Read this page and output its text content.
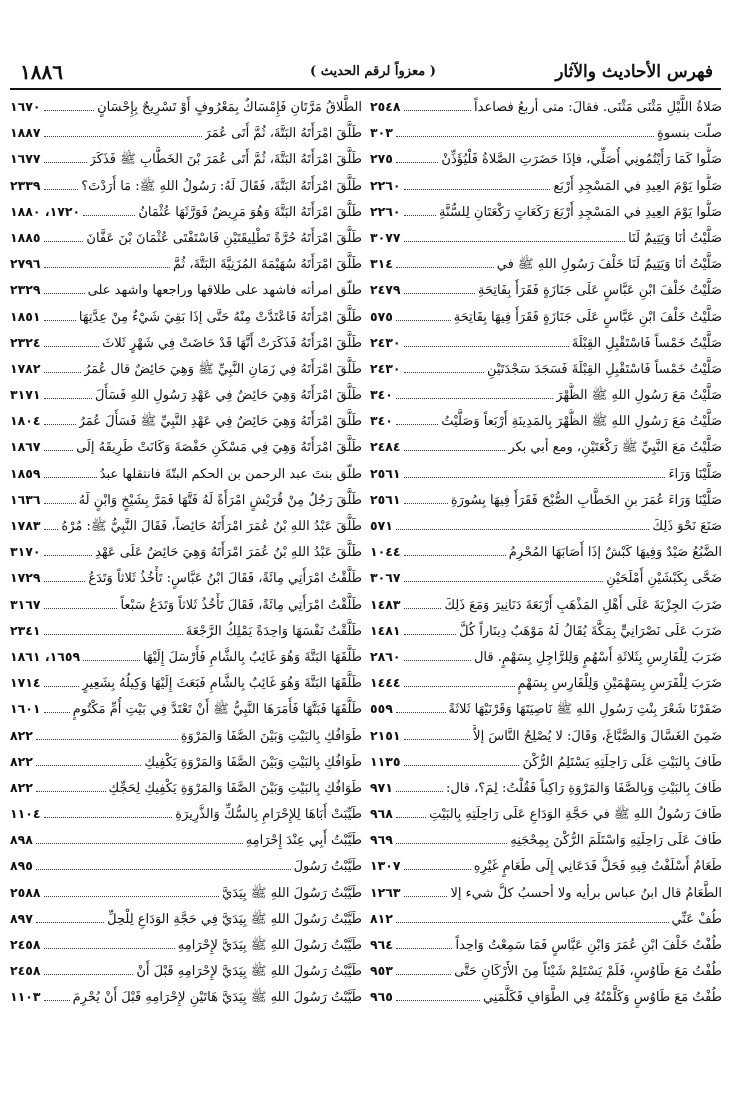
١٨٨٦	( معزواً لرقم الحديث )	فهرس الأحاديث والآثار
صَلاةُ اللَّيْلِ مَثْنَى مَثْنَى. فقالَ: متى أربعُ فصاعداً
٢٥٤٨
صلّت بنسوةٍ
٣٠٣
صَلُّوا كَمَا رَأَيْتُمُونِي أُصَلِّي، فإذَا حَضَرَتِ الصَّلاةُ فَلْيُؤَذِّنْ
٢٧٥
صَلُّوا يَوْمَ العِيدِ في المَسْجِدِ أَرْبَع
٢٢٦٠
صَلُّوا يَوْمَ العِيدِ في المَسْجِدِ أَرْبَعَ رَكَعَاتٍ رَكْعَتَانِ لِلسُّنَّةِ
٢٢٦٠
صَلَّيْتُ أنَا وَيَتِيمٌ لَنَا
٣٠٧٧
صَلَّيْتُ أنَا وَيَتِيمٌ لَنَا خَلْفَ رَسُولِ اللهِ ﷺ في
٣١٤
صَلَّيْتُ خَلْفَ ابْنِ عَبَّاسٍ عَلَى جَنَازَةٍ فَقَرَأَ بِفَاتِحَةِ
٢٤٧٩
صَلَّيْتُ خَلْفَ ابْنِ عَبَّاسٍ عَلَى جَنَازَةٍ فَقَرَأَ فِيهَا بِفَاتِحَةِ
٥٧٥
صَلَّيْتُ خَمْساً فَاسْتَقْبِلِ القِبْلَةَ
٢٤٣٠
صَلَّيْتُ خَمْساً فَاسْتَقْبِلِ القِبْلَةَ فَسَجَدَ سَجْدَتَيْنِ
٢٤٣٠
صَلَّيْتُ مَعَ رَسُولِ اللهِ ﷺ الظُّهْرَ
٣٤٠
صَلَّيْتُ مَعَ رَسُولِ اللهِ ﷺ الظُّهْرَ بِالمَدِينَةِ أَرْبَعاً وَصَلَّيْتُ
٣٤٠
صَلَّيْتُ مَعَ النَّبِيِّ ﷺ رَكْعَتَيْنِ، ومع أبي بكر
٢٤٨٤
صَلَّيْنَا وَرَاءَ
٢٥٦١
صَلَّيْنَا وَرَاءَ عُمَرَ بنِ الخَطَّابِ الصُّبْحَ فَقَرَأَ فِيهَا بِسُورَةِ
٢٥٦١
صَنَعَ نَحْوَ ذَلِكَ
٥٧١
الضَّبُعُ صَيْدٌ وَفِيهَا كَبْشٌ إذَا أَصَابَهَا المُحْرِمُ
١٠٤٤
ضَحَّى بِكَبْشَيْنِ أَمْلَحَيْنِ
٣٠٦٧
ضَرَبَ الجِزْيَةَ عَلَى أَهْلِ المَذْهَبِ أَرْبَعَةَ دَنَانِيرَ وَمَعَ ذَلِكَ
١٤٨٣
ضَرَبَ عَلَى نَصْرَانِيٍّ بِمَكَّةَ يُقَالُ لَهُ مَوْهَبٌ دِينَاراً كُلَّ
١٤٨١
ضَرَبَ لِلْفَارِسِ بِثَلاثَةِ أَسْهُمٍ وَلِلرَّاجِلِ بِسَهْمٍ. قال
٢٨٦٠
ضَرَبَ لِلْفَرَسِ بِسَهْمَيْنِ وَلِلْفَارِسِ بِسَهْمٍ
١٤٤٤
ضَفَرْنَا شَعْرَ بِنْتِ رَسُولِ اللهِ ﷺ نَاصِيَتَهَا وَقَرْنَيْهَا ثَلاثَةً
٥٥٩
ضَمِنَ الغَسَّالَ وَالصَّبَّاغَ، وَقَالَ: لا يُصْلِحُ النَّاسَ إلاَّ
٢١٥١
طَافَ بِالبَيْتِ عَلَى رَاحِلَتِهِ يَسْتَلِمُ الرُّكْنَ
١١٣٥
طَافَ بِالبَيْتِ وَبِالصَّفَا وَالمَرْوَةِ رَاكِباً فَقُلْتُ: لِمَ؟، قال:
٩٧١
طَافَ رَسُولُ اللهِ ﷺ في حَجَّةِ الوَدَاعِ عَلَى رَاحِلَتِهِ بِالبَيْتِ
٩٦٨
طَافَ عَلَى رَاحِلَتِهِ وَاسْتَلَمَ الرُّكْنَ بِمِحْجَنِهِ
٩٦٩
طَعَامٌ أَسْلَفْتُ فِيهِ فَحَلَّ فَدَعَانِي إِلَى طَعَامٍ غَيْرِهِ
١٣٠٧
الطَّعَامُ قال ابنُ عباس برأيه ولا أحسبُ كلَّ شيء إلا
١٢٦٣
طُفْ عَنِّي
٨١٢
طُفْتُ خَلْفَ ابْنِ عُمَرَ وَابْنِ عَبَّاسٍ فَمَا سَمِعْتُ وَاحِداً
٩٦٤
طُفْتُ مَعَ طَاوُسٍ، فَلَمْ يَسْتَلِمْ شَيْئاً مِنَ الأَرْكَانِ حَتَّى
٩٥٣
طُفْتُ مَعَ طَاوُسٍ وَكَلَّمْتُهُ فِي الطَّوَافِ فَكَلَّمَنِي
٩٦٥
الطَّلاقُ مَرَّتَانِ فَإِمْسَاكٌ بِمَعْرُوفٍ أَوْ تَسْرِيحٌ بِإِحْسَانٍ
١٦٧٠
طَلَّقَ امْرَأَتَهُ البَتَّةَ، ثُمَّ أَتَى عُمَرَ
١٨٨٧
طَلَّقَ امْرَأَتَهُ البَتَّةَ، ثُمَّ أَتَى عُمَرَ بْنَ الخَطَّابِ ﷺ فَذَكَرَ
١٦٧٧
طَلَّقَ امْرَأَتَهُ البَتَّةَ، فَقَالَ لَهُ: رَسُولُ اللهِ ﷺ: مَا أَرَدْتَ؟
٢٣٣٩
طَلَّقَ امْرَأَتَهُ البَتَّةَ وَهُوَ مَرِيضٌ فَوَرَّثَهَا عُثْمَانُ
١٧٢٠، ١٨٨٠
طَلَّقَ امْرَأَتَهُ حُرَّةً تَطْلِيقَتَيْنِ فَاسْتَفْتَى عُثْمَانَ بْنَ عَفَّانَ
١٨٨٥
طَلَّقَ امْرَأَتَهُ سُهَيْمَةَ المُزَنِيَّةَ البَتَّةَ، ثُمَّ
٢٧٩٦
طلّق امرأته فاشهد على طلاقها وراجعها واشهد على
٢٣٢٩
طَلَّقَ امْرَأَتَهُ فَاعْتَدَّتْ مِنْهُ حَتَّى إذَا بَقِيَ شَيْءٌ مِنْ عِدَّتِهَا
١٨٥١
طَلَّقَ امْرَأَتَهُ فَذَكَرَتْ أَنَّهَا قَدْ حَاضَتْ فِي شَهْرٍ ثَلاثَ
٢٣٢٤
طَلَّقَ امْرَأَتَهُ فِي زَمَانِ النَّبِيِّ ﷺ وَهِيَ حَائِضٌ قال عُمَرُ
١٧٨٢
طَلَّقَ امْرَأَتَهُ وَهِيَ حَائِضٌ فِي عَهْدِ رَسُولِ اللهِ فَسَأَلَ
٣١٧١
طَلَّقَ امْرَأَتَهُ وَهِيَ حَائِضٌ فِي عَهْدِ النَّبِيِّ ﷺ فَسَأَلَ عُمَرُ
١٨٠٤
طَلَّقَ امْرَأَتَهُ وَهِيَ فِي مَسْكَنِ حَفْصَةَ وَكَانَتْ طَرِيقَهُ إلَى
١٨٦٧
طلّق بنتَ عبد الرحمن بن الحكم البتّةَ فانتقلها عبدُ
١٨٥٩
طَلَّقَ رَجُلٌ مِنْ قُرَيْشٍ امْرَأَةً لَهُ فَتَّهَا فَمَرَّ بِشَيْخٍ وَابْنٍ لَهُ
١٦٣٦
طَلَّقَ عَبْدُ اللهِ بْنُ عُمَرَ امْرَأَتَهُ حَائِضاً، فَقَالَ النَّبِيُّ ﷺ: مُرْهُ
١٧٨٣
طَلَّقَ عَبْدُ اللهِ بْنُ عُمَرَ امْرَأَتَهُ وَهِيَ حَائِضٌ عَلَى عَهْدِ
٣١٧٠
طَلَّقْتُ امْرَأَتِي مِائَةً، فَقَالَ ابْنُ عَبَّاسٍ: تَأْخُذُ ثَلاثاً وَتَدَعُ
١٧٢٩
طَلَّقْتُ امْرَأَتِي مِائَةً، فَقَالَ تَأْخُذُ ثَلاثاً وَتَدَعُ سَبْعاً
٣١٦٧
طَلَّقْتُ نَفْسَهَا وَاحِدَةً يَمْلِكُ الرَّجْعَةَ
٢٣٤١
طَلَّقَهَا البَتَّةَ وَهُوَ غَائِبٌ بِالشَّامِ فَأَرْسَلَ إِلَيْهَا
١٦٥٩، ١٨٦١
طَلَّقَهَا البَتَّةَ وَهُوَ غَائِبٌ بِالشَّامِ فَبَعَثَ إِلَيْهَا وَكِيلُهُ بِشَعِيرٍ
١٧١٤
طَلَّقَهَا فَبَتَّهَا فَأَمَرَهَا النَّبِيُّ ﷺ أَنْ تَعْتَدَّ فِي بَيْتِ أُمِّ مَكْتُومٍ
١٦٠١
طَوَافُكِ بِالبَيْتِ وَبَيْنَ الصَّفَا وَالمَرْوَةِ
٨٢٢
طَوَافُكِ بِالبَيْتِ وَبَيْنَ الصَّفَا وَالمَرْوَةِ يَكْفِيكِ
٨٢٢
طَوَافُكِ بِالبَيْتِ وَبَيْنَ الصَّفَا وَالمَرْوَةِ يَكْفِيكِ لِحَجِّكِ
٨٢٢
طَيِّبَتْ أَبَاهَا لِلإِحْرَامِ بِالسُّكِّ وَالذَّرِيرَةِ
١١٠٤
طَيَّبْتُ أَبِي عِنْدَ إِحْرَامِهِ
٨٩٨
طَيَّبْتُ رَسُولَ
٨٩٥
طَيَّبْتُ رَسُولَ اللهِ ﷺ بِيَدَيَّ
٢٥٨٨
طَيَّبْتُ رَسُولَ اللهِ ﷺ بِيَدَيَّ فِي حَجَّةِ الوَدَاعِ لِلْحِلِّ
٨٩٧
طَيَّبْتُ رَسُولَ اللهِ ﷺ بِيَدَيَّ لإِحْرَامِهِ
٢٤٥٨
طَيَّبْتُ رَسُولَ اللهِ ﷺ بِيَدَيَّ لإِحْرَامِهِ قَبْلَ أَنْ
٢٤٥٨
طَيَّبْتُ رَسُولَ اللهِ ﷺ بِيَدَيَّ هَاتَيْنِ لإِحْرَامِهِ قَبْلَ أَنْ يُحْرِمَ
١١٠٣
